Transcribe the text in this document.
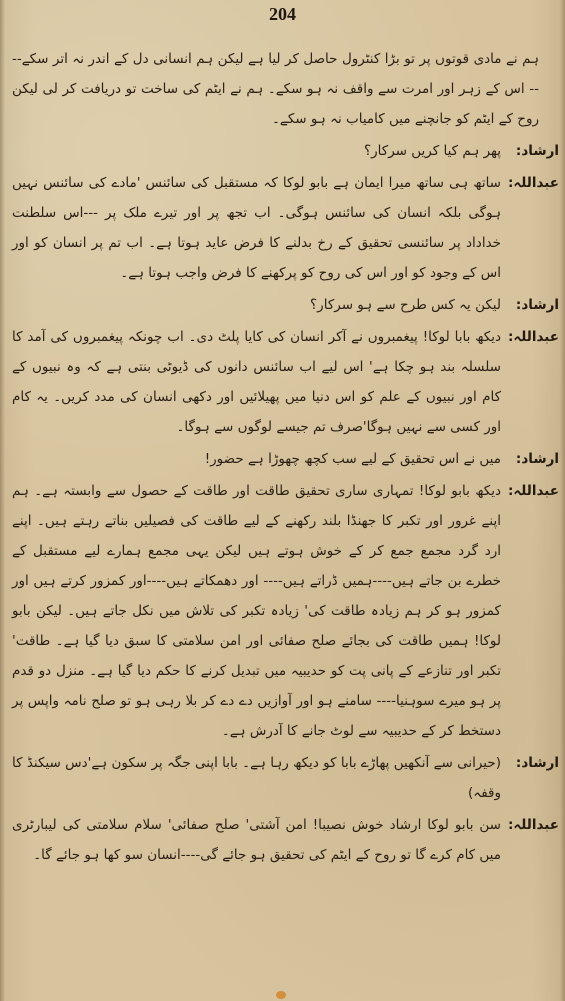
204
ہم نے مادی قوتوں پر تو بڑا کنٹرول حاصل کر لیا ہے لیکن ہم انسانی دل کے اندر نہ اتر سکے---- اس کے زہر اور امرت سے واقف نہ ہو سکے۔ ہم نے ایٹم کی ساخت تو دریافت کر لی لیکن روح کے ایٹم کو جانچنے میں کامیاب نہ ہو سکے۔
ارشاد:
پھر ہم کیا کریں سرکار؟
عبداللہ:
ساتھ ہی ساتھ میرا ایمان ہے بابو لوکا کہ مستقبل کی سائنس 'مادے کی سائنس نہیں ہوگی بلکہ انسان کی سائنس ہوگی۔ اب تجھ پر اور تیرے ملک پر ---اس سلطنت خداداد پر سائنسی تحقیق کے رخ بدلنے کا فرض عاید ہوتا ہے۔ اب تم پر انسان کو اور اس کے وجود کو اور اس کی روح کو پرکھنے کا فرض واجب ہوتا ہے۔
ارشاد:
لیکن یہ کس طرح سے ہو سرکار؟
عبداللہ:
دیکھ بابا لوکا! پیغمبروں نے آکر انسان کی کایا پلٹ دی۔ اب چونکہ پیغمبروں کی آمد کا سلسلہ بند ہو چکا ہے' اس لیے اب سائنس دانوں کی ڈیوٹی بنتی ہے کہ وہ نبیوں کے کام اور نبیوں کے علم کو اس دنیا میں پھیلائیں اور دکھی انسان کی مدد کریں۔ یہ کام اور کسی سے نہیں ہوگا'صرف تم جیسے لوگوں سے ہوگا۔
ارشاد:
میں نے اس تحقیق کے لیے سب کچھ چھوڑا ہے حضور!
عبداللہ:
دیکھ بابو لوکا! تمہاری ساری تحقیق طاقت اور طاقت کے حصول سے وابستہ ہے۔ ہم اپنے غرور اور تکبر کا جھنڈا بلند رکھنے کے لیے طاقت کی فصیلیں بناتے رہتے ہیں۔ اپنے ارد گرد مجمع جمع کر کے خوش ہوتے ہیں لیکن یہی مجمع ہمارے لیے مستقبل کے خطرے بن جاتے ہیں----ہمیں ڈراتے ہیں---- اور دھمکاتے ہیں----اور کمزور کرتے ہیں اور کمزور ہو کر ہم زیادہ طاقت کی' زیادہ تکبر کی تلاش میں نکل جاتے ہیں۔ لیکن بابو لوکا! ہمیں طاقت کی بجائے صلح صفائی اور امن سلامتی کا سبق دیا گیا ہے۔ طاقت' تکبر اور تنازعے کے پانی پت کو حدیبیہ میں تبدیل کرنے کا حکم دیا گیا ہے۔ منزل دو قدم پر ہو میرے سوہنیا---- سامنے ہو اور آوازیں دے دے کر بلا رہی ہو تو صلح نامہ واپس پر دستخط کر کے حدیبیہ سے لوٹ جانے کا آدرش ہے۔
ارشاد:
(حیرانی سے آنکھیں پھاڑے بابا کو دیکھ رہا ہے۔ بابا اپنی جگہ پر سکون ہے'دس سیکنڈ کا وقفہ)
عبداللہ:
سن بابو لوکا ارشاد خوش نصیبا! امن آشتی' صلح صفائی' سلام سلامتی کی لیبارٹری میں کام کرے گا تو روح کے ایٹم کی تحقیق ہو جائے گی----انسان سو کھا ہو جائے گا۔
